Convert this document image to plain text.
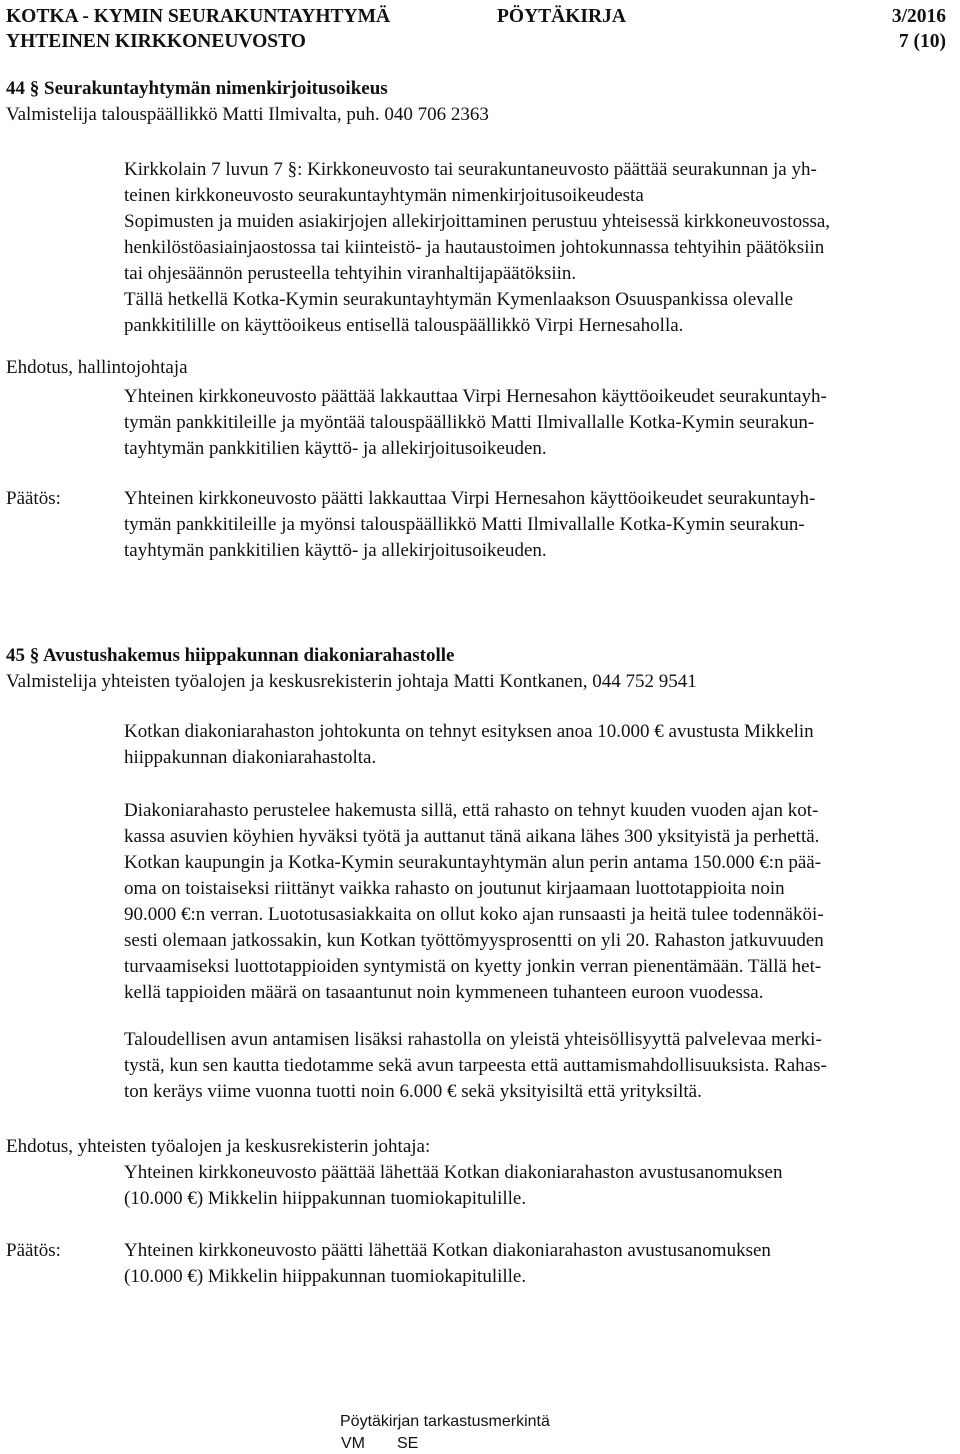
KOTKA - KYMIN SEURAKUNTAYHTYMÄ	PÖYTÄKIRJA	3/2016
YHTEINEN KIRKKONEUVOSTO	7 (10)
44 § Seurakuntayhtymän nimenkirjoitusoikeus
Valmistelija talouspäällikkö Matti Ilmivalta, puh. 040 706 2363
Kirkkolain 7 luvun 7 §: Kirkkoneuvosto tai seurakuntaneuvosto päättää seurakunnan ja yh-
teinen kirkkoneuvosto seurakuntayhtymän nimenkirjoitusoikeudesta
Sopimusten ja muiden asiakirjojen allekirjoittaminen perustuu yhteisessä kirkkoneuvostossa,
henkilöstöasiainjaostossa tai kiinteistö- ja hautaustoimen johtokunnassa tehtyihin päätöksiin
tai ohjesäännön perusteella tehtyihin viranhaltijapäätöksiin.
Tällä hetkellä Kotka-Kymin seurakuntayhtymän Kymenlaakson Osuuspankissa olevalle
pankkitilille on käyttöoikeus entisellä talouspäällikkö Virpi Hernesaholla.
Ehdotus, hallintojohtaja
Yhteinen kirkkoneuvosto päättää lakkauttaa Virpi Hernesahon käyttöoikeudet seurakuntayh-
tymän pankkitileille ja myöntää talouspäällikkö Matti Ilmivallalle Kotka-Kymin seurakun-
tayhtymän pankkitilien käyttö- ja allekirjoitusoikeuden.
Päätös:	Yhteinen kirkkoneuvosto päätti lakkauttaa Virpi Hernesahon käyttöoikeudet seurakuntayh-
tymän pankkitileille ja myönsi talouspäällikkö Matti Ilmivallalle Kotka-Kymin seurakun-
tayhtymän pankkitilien käyttö- ja allekirjoitusoikeuden.
45 § Avustushakemus hiippakunnan diakoniarahastolle
Valmistelija yhteisten työalojen ja keskusrekisterin johtaja Matti Kontkanen, 044 752 9541
Kotkan diakoniarahaston johtokunta on tehnyt esityksen anoa 10.000 € avustusta Mikkelin
hiippakunnan diakoniarahastolta.
Diakoniarahasto perustelee hakemusta sillä, että rahasto on tehnyt kuuden vuoden ajan kot-
kassa asuvien köyhien hyväksi työtä ja auttanut tänä aikana lähes 300 yksityistä ja perhettä.
Kotkan kaupungin ja Kotka-Kymin seurakuntayhtymän alun perin antama 150.000 €:n pää-
oma on toistaiseksi riittänyt vaikka rahasto on joutunut kirjaamaan luottotappioita noin
90.000 €:n verran. Luototusasiakkaita on ollut koko ajan runsaasti ja heitä tulee todennäköi-
sesti olemaan jatkossakin, kun Kotkan työttömyysprosentti on yli 20. Rahaston jatkuvuuden
turvaamiseksi luottotappioiden syntymistä on kyetty jonkin verran pienentämään. Tällä het-
kellä tappioiden määrä on tasaantunut noin kymmeneen tuhanteen euroon vuodessa.
Taloudellisen avun antamisen lisäksi rahastolla on yleistä yhteisöllisyyttä palvelevaa merki-
tystä, kun sen kautta tiedotamme sekä avun tarpeesta että auttamismahdollisuuksista. Rahas-
ton keräys viime vuonna tuotti noin 6.000 € sekä yksityisiltä että yrityksiltä.
Ehdotus, yhteisten työalojen ja keskusrekisterin johtaja:
Yhteinen kirkkoneuvosto päättää lähettää Kotkan diakoniarahaston avustusanomuksen
(10.000 €) Mikkelin hiippakunnan tuomiokapitulille.
Päätös:	Yhteinen kirkkoneuvosto päätti lähettää Kotkan diakoniarahaston avustusanomuksen
(10.000 €) Mikkelin hiippakunnan tuomiokapitulille.
Pöytäkirjan tarkastusmerkintä
VM SE
